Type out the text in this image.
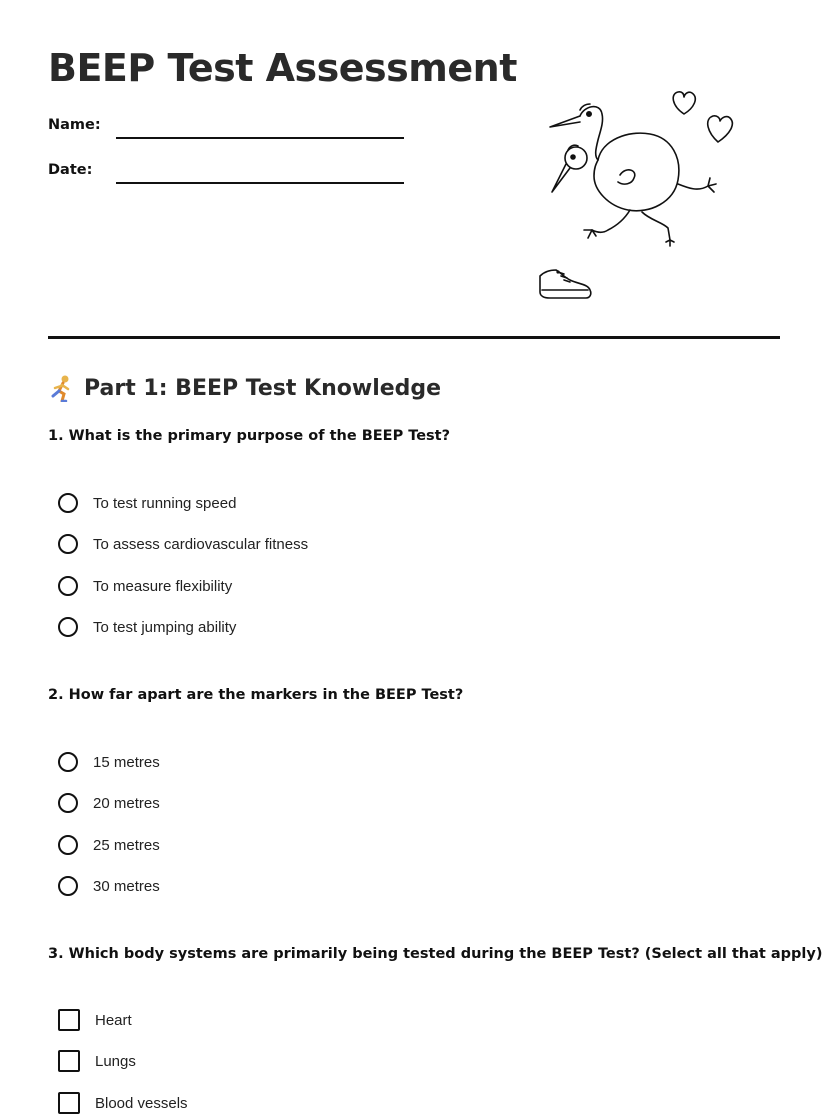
BEEP Test Assessment
Name:
Date:
Part 1: BEEP Test Knowledge
1. What is the primary purpose of the BEEP Test?
To test running speed
To assess cardiovascular fitness
To measure flexibility
To test jumping ability
2. How far apart are the markers in the BEEP Test?
15 metres
20 metres
25 metres
30 metres
3. Which body systems are primarily being tested during the BEEP Test? (Select all that apply)
Heart
Lungs
Blood vessels
